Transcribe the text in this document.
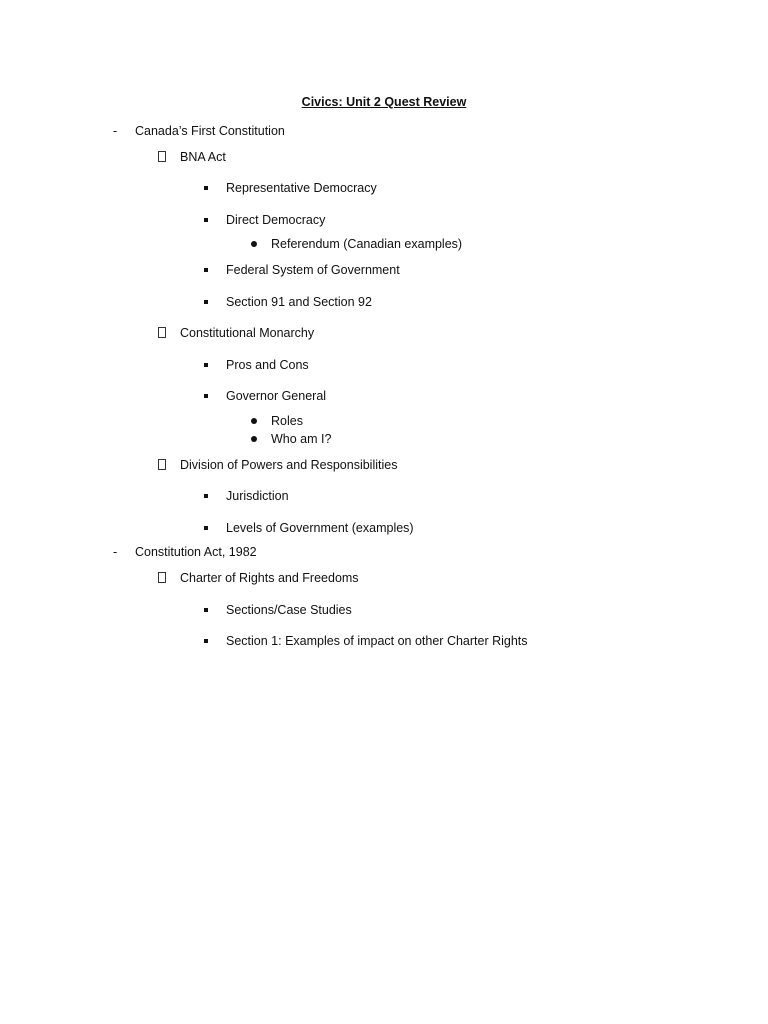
Civics: Unit 2 Quest Review
- Canada’s First Constitution
BNA Act
Representative Democracy
Direct Democracy
Referendum (Canadian examples)
Federal System of Government
Section 91 and Section 92
Constitutional Monarchy
Pros and Cons
Governor General
Roles
Who am I?
Division of Powers and Responsibilities
Jurisdiction
Levels of Government (examples)
- Constitution Act, 1982
Charter of Rights and Freedoms
Sections/Case Studies
Section 1: Examples of impact on other Charter Rights
